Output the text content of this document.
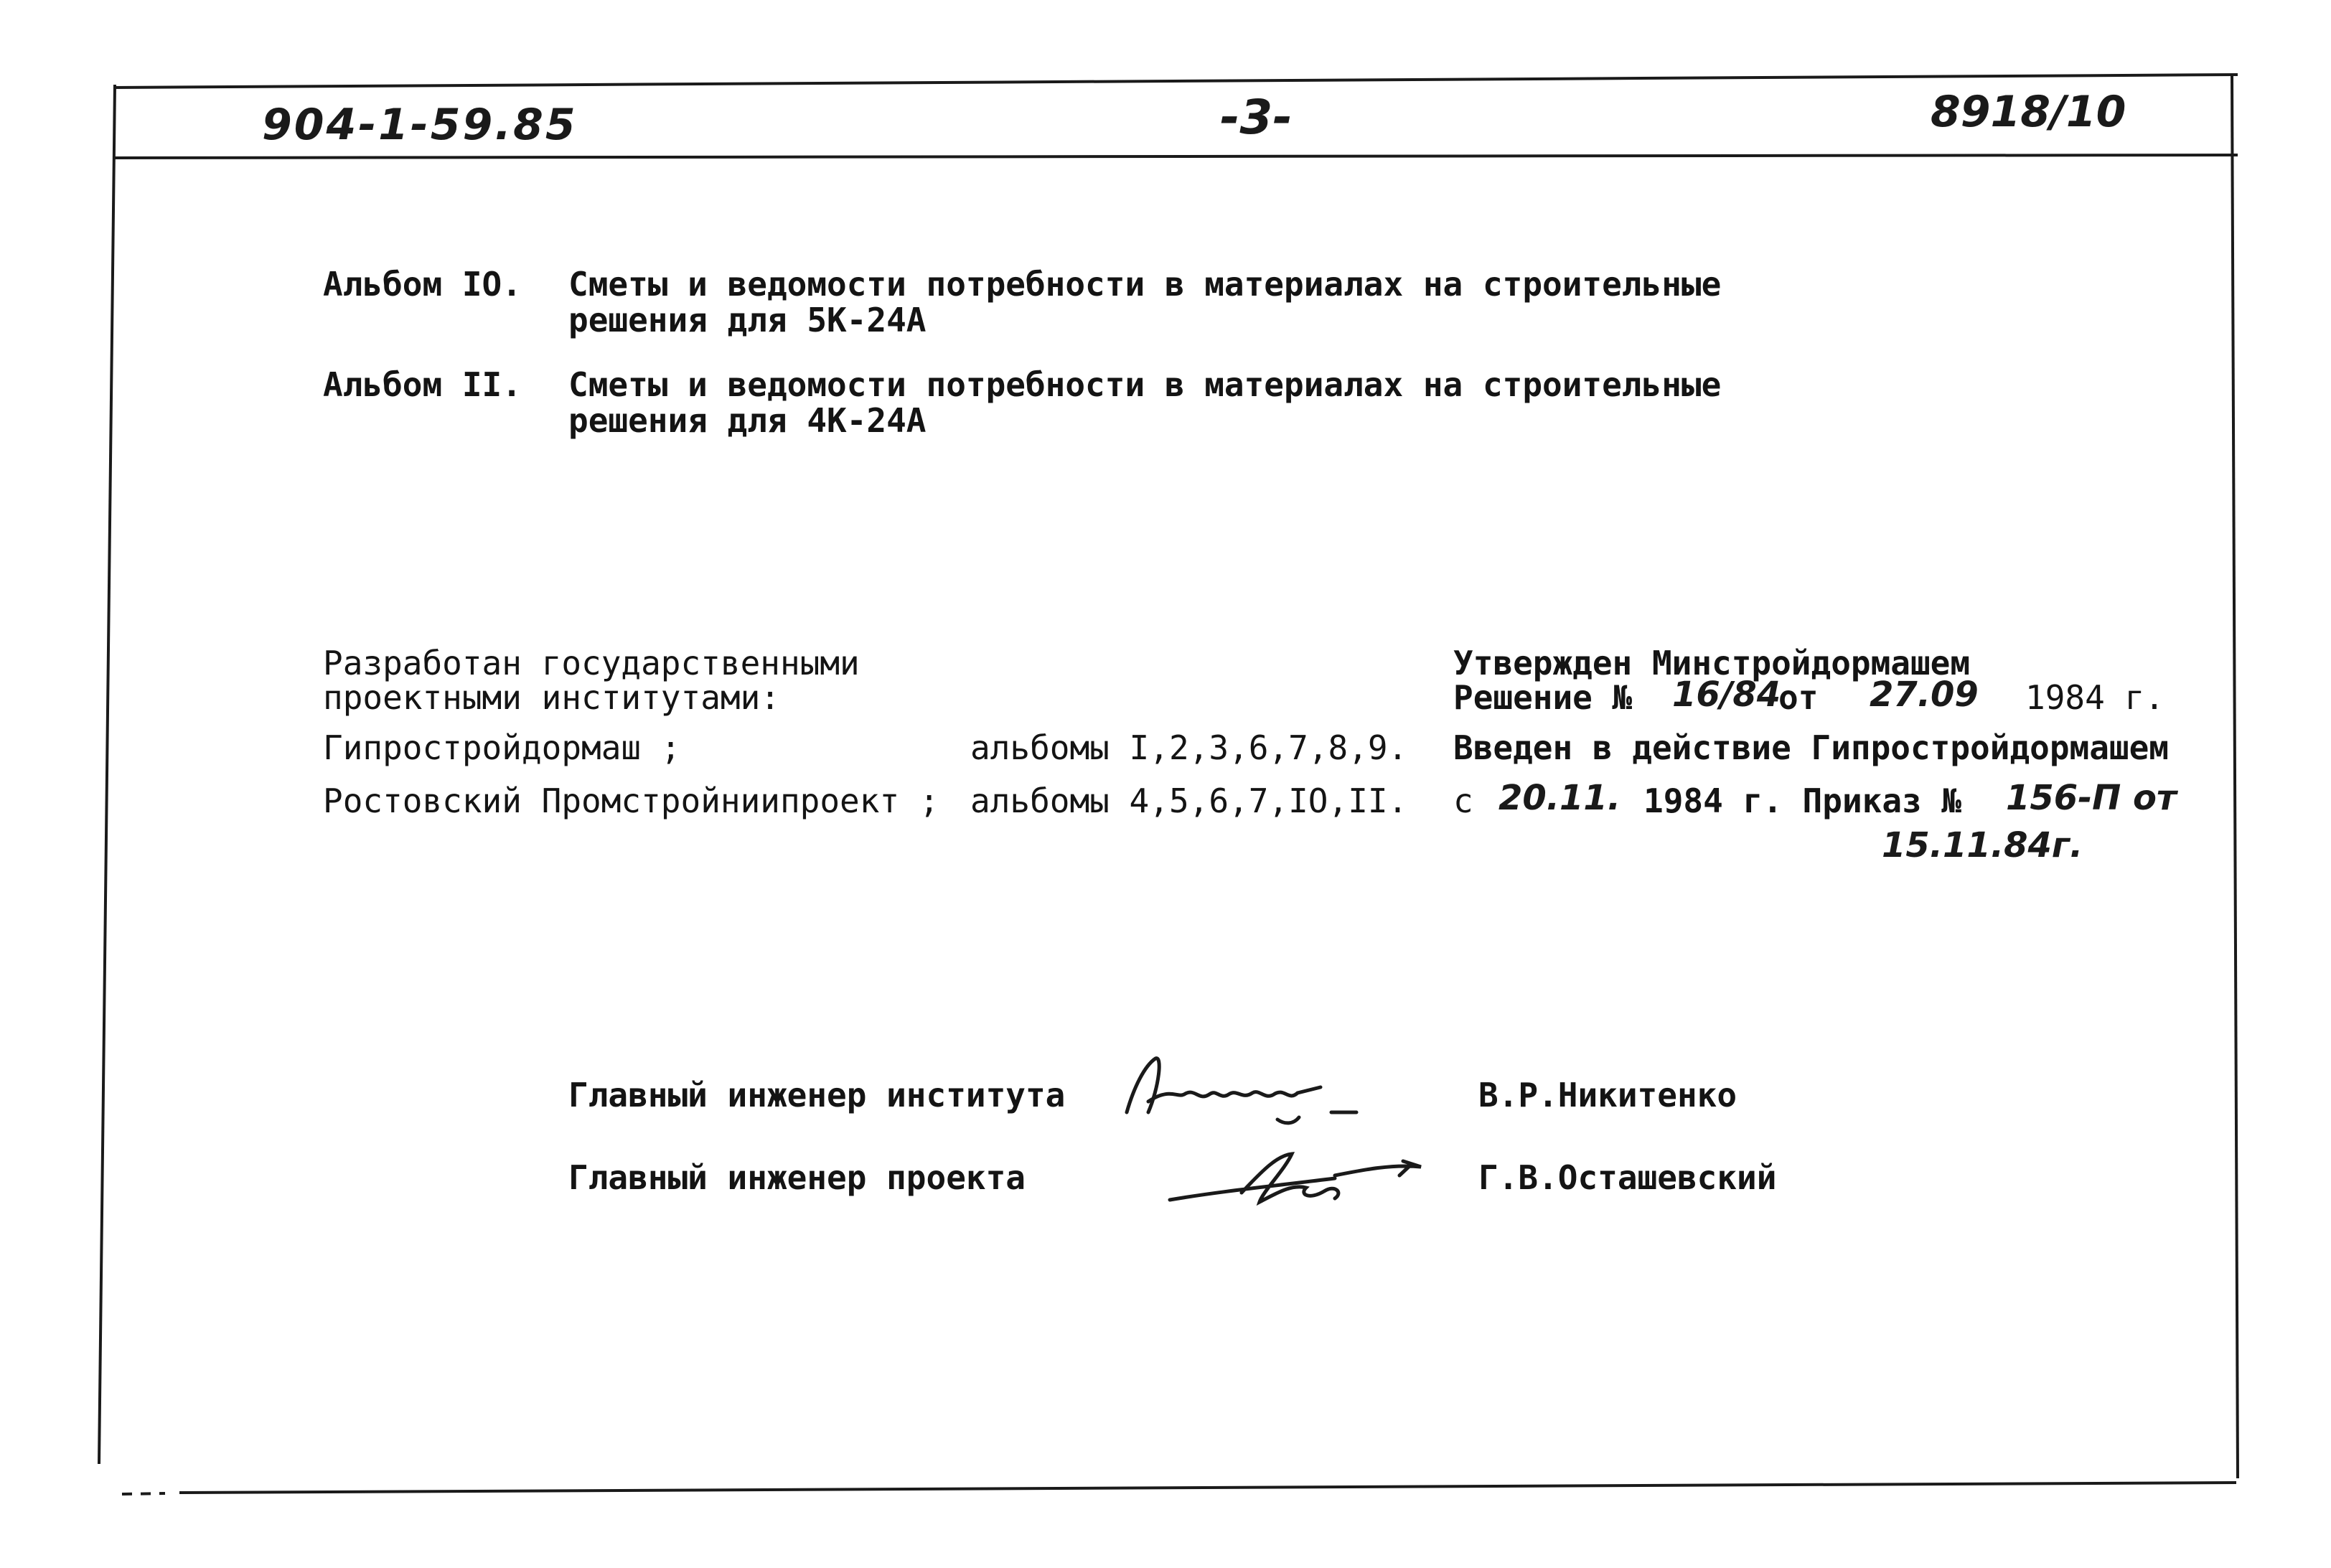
904-1-59.85	-3-	8918/10
Альбом IO. Сметы и ведомости потребности в материалах на строительные
решения для 5К-24А
Альбом II. Сметы и ведомости потребности в материалах на строительные
решения для 4К-24А
Разработан государственными
проектными институтами:
Гипростройдормаш ;	альбомы I,2,3,6,7,8,9.
Ростовский Промстройниипроект ; альбомы 4,5,6,7,IO,II.
Утвержден Минстройдормашем
Решение № 16/84
от 27.09 1984 г.
Введен в действие Гипростройдормашем
с 20.11. 1984 г. Приказ № 156-П от
15.11.84г.
Главный инженер института	В.Р.Никитенко
Главный инженер проекта	Г.В.Осташевский
